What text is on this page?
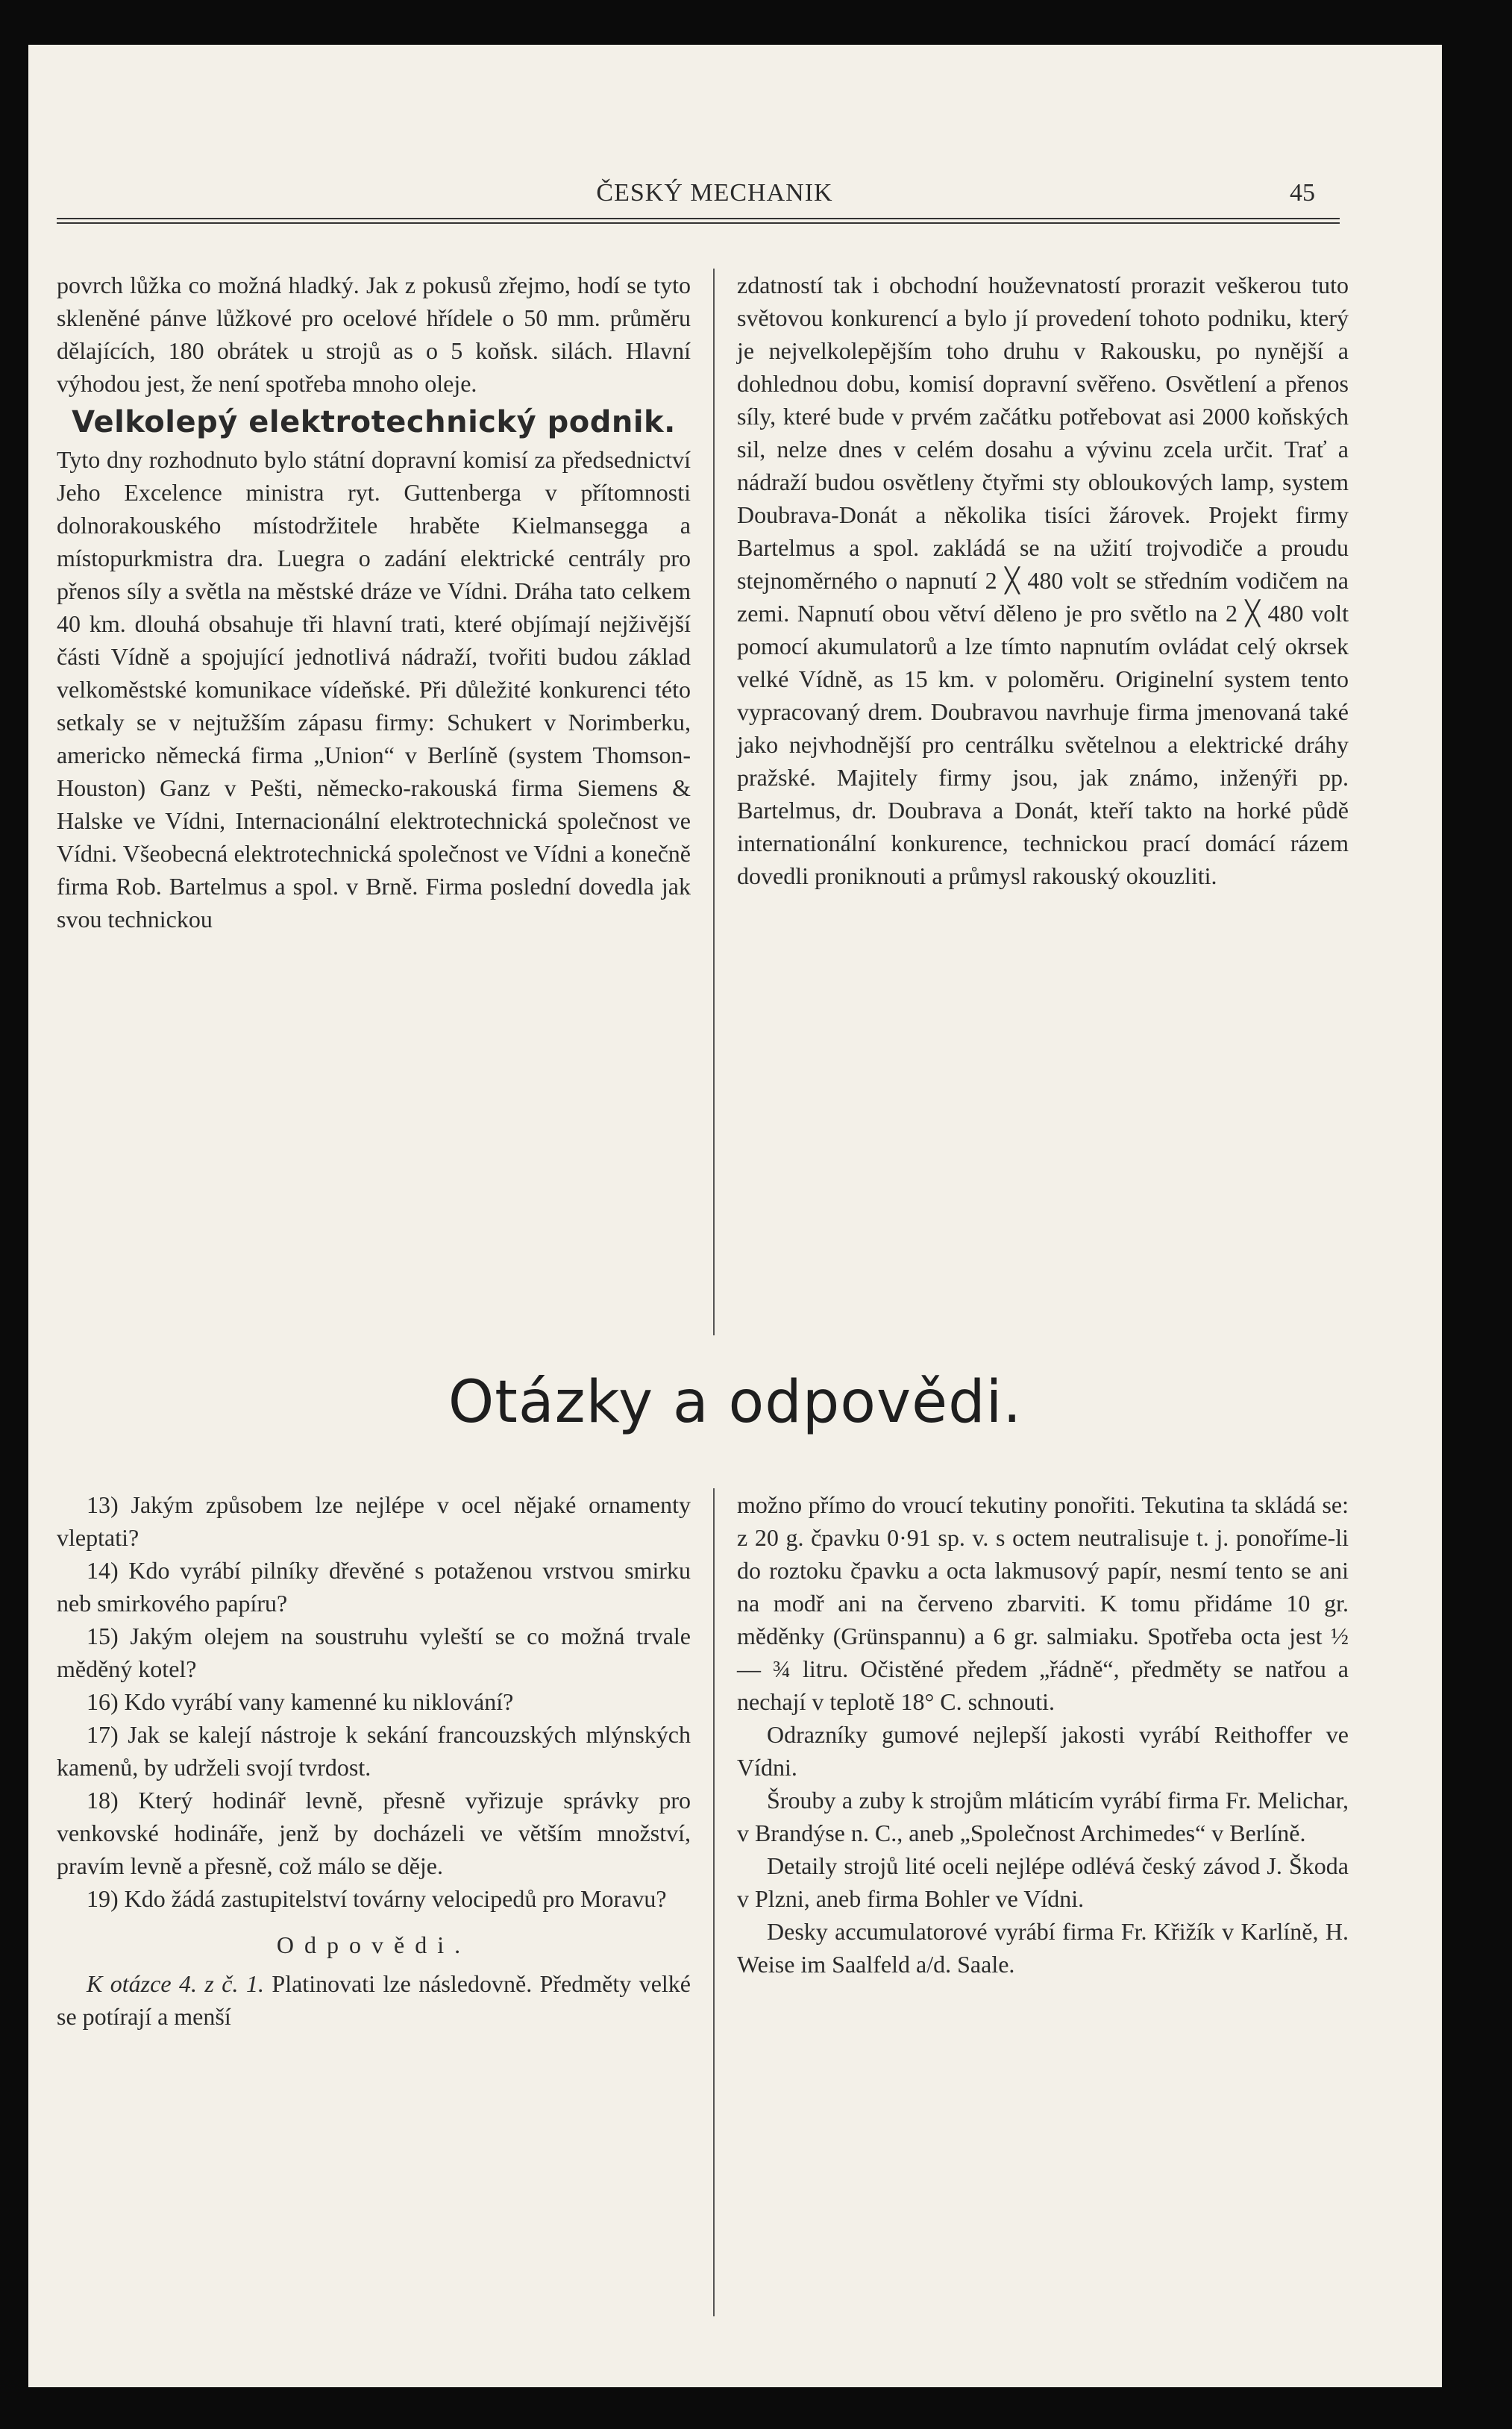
ČESKÝ MECHANIK	45

povrch lůžka co možná hladký. Jak z pokusů zřejmo, hodí se tyto skleněné pánve lůžkové pro ocelové hřídele o 50 mm. průměru dělajících, 180 obrátek u strojů as o 5 koňsk. silách. Hlavní výhodou jest, že není spotřeba mnoho oleje.

Velkolepý elektrotechnický podnik.

Tyto dny rozhodnuto bylo státní dopravní komisí za předsednictví Jeho Excelence ministra ryt. Guttenberga v přítomnosti dolnorakouského místodržitele hraběte Kielmansegga a místopurkmistra dra. Luegra o zadání elektrické centrály pro přenos síly a světla na městské dráze ve Vídni. Dráha tato celkem 40 km. dlouhá obsahuje tři hlavní trati, které objímají nejživější části Vídně a spojující jednotlivá nádraží, tvořiti budou základ velkoměstské komunikace vídeňské. Při důležité konkurenci této setkaly se v nejtužším zápasu firmy: Schukert v Norimberku, americko německá firma „Union“ v Berlíně (system Thomson-Houston) Ganz v Pešti, německo-rakouská firma Siemens & Halske ve Vídni, Internacionální elektrotechnická společnost ve Vídni. Všeobecná elektrotechnická společnost ve Vídni a konečně firma Rob. Bartelmus a spol. v Brně. Firma poslední dovedla jak svou technickou

zdatností tak i obchodní houževnatostí prorazit veškerou tuto světovou konkurencí a bylo jí provedení tohoto podniku, který je nejvelkolepějším toho druhu v Rakousku, po nynější a dohlednou dobu, komisí dopravní svěřeno. Osvětlení a přenos síly, které bude v prvém začátku potřebovat asi 2000 koňských sil, nelze dnes v celém dosahu a vývinu zcela určit. Trať a nádraží budou osvětleny čtyřmi sty obloukových lamp, system Doubrava-Donát a několika tisíci žárovek. Projekt firmy Bartelmus a spol. zakládá se na užití trojvodiče a proudu stejnoměrného o napnutí 2 ╳ 480 volt se středním vodičem na zemi. Napnutí obou větví děleno je pro světlo na 2 ╳ 480 volt pomocí akumulatorů a lze tímto napnutím ovládat celý okrsek velké Vídně, as 15 km. v poloměru. Originelní system tento vypracovaný drem. Doubravou navrhuje firma jmenovaná také jako nejvhodnější pro centrálku světelnou a elektrické dráhy pražské. Majitely firmy jsou, jak známo, inženýři pp. Bartelmus, dr. Doubrava a Donát, kteří takto na horké půdě internationální konkurence, technickou prací domácí rázem dovedli proniknouti a průmysl rakouský okouzliti.

Otázky a odpovědi.

13) Jakým způsobem lze nejlépe v ocel nějaké ornamenty vleptati?

14) Kdo vyrábí pilníky dřevěné s potaženou vrstvou smirku neb smirkového papíru?

15) Jakým olejem na soustruhu vyleští se co možná trvale měděný kotel?

16) Kdo vyrábí vany kamenné ku niklování?

17) Jak se kalejí nástroje k sekání francouzských mlýnských kamenů, by udrželi svojí tvrdost.

18) Který hodinář levně, přesně vyřizuje správky pro venkovské hodináře, jenž by docházeli ve větším množství, pravím levně a přesně, což málo se děje.

19) Kdo žádá zastupitelství továrny velocipedů pro Moravu?

Odpovědi.

K otázce 4. z č. 1. Platinovati lze následovně. Předměty velké se potírají a menší

možno přímo do vroucí tekutiny ponořiti. Tekutina ta skládá se: z 20 g. čpavku 0·91 sp. v. s octem neutralisuje t. j. ponoříme-li do roztoku čpavku a octa lakmusový papír, nesmí tento se ani na modř ani na červeno zbarviti. K tomu přidáme 10 gr. měděnky (Grünspannu) a 6 gr. salmiaku. Spotřeba octa jest ½ — ¾ litru. Očistěné předem „řádně“, předměty se natřou a nechají v teplotě 18° C. schnouti.

Odrazníky gumové nejlepší jakosti vyrábí Reithoffer ve Vídni.

Šrouby a zuby k strojům mláticím vyrábí firma Fr. Melichar, v Brandýse n. C., aneb „Společnost Archimedes“ v Berlíně.

Detaily strojů lité oceli nejlépe odlévá český závod J. Škoda v Plzni, aneb firma Bohler ve Vídni.

Desky accumulatorové vyrábí firma Fr. Křižík v Karlíně, H. Weise im Saalfeld a/d. Saale.
